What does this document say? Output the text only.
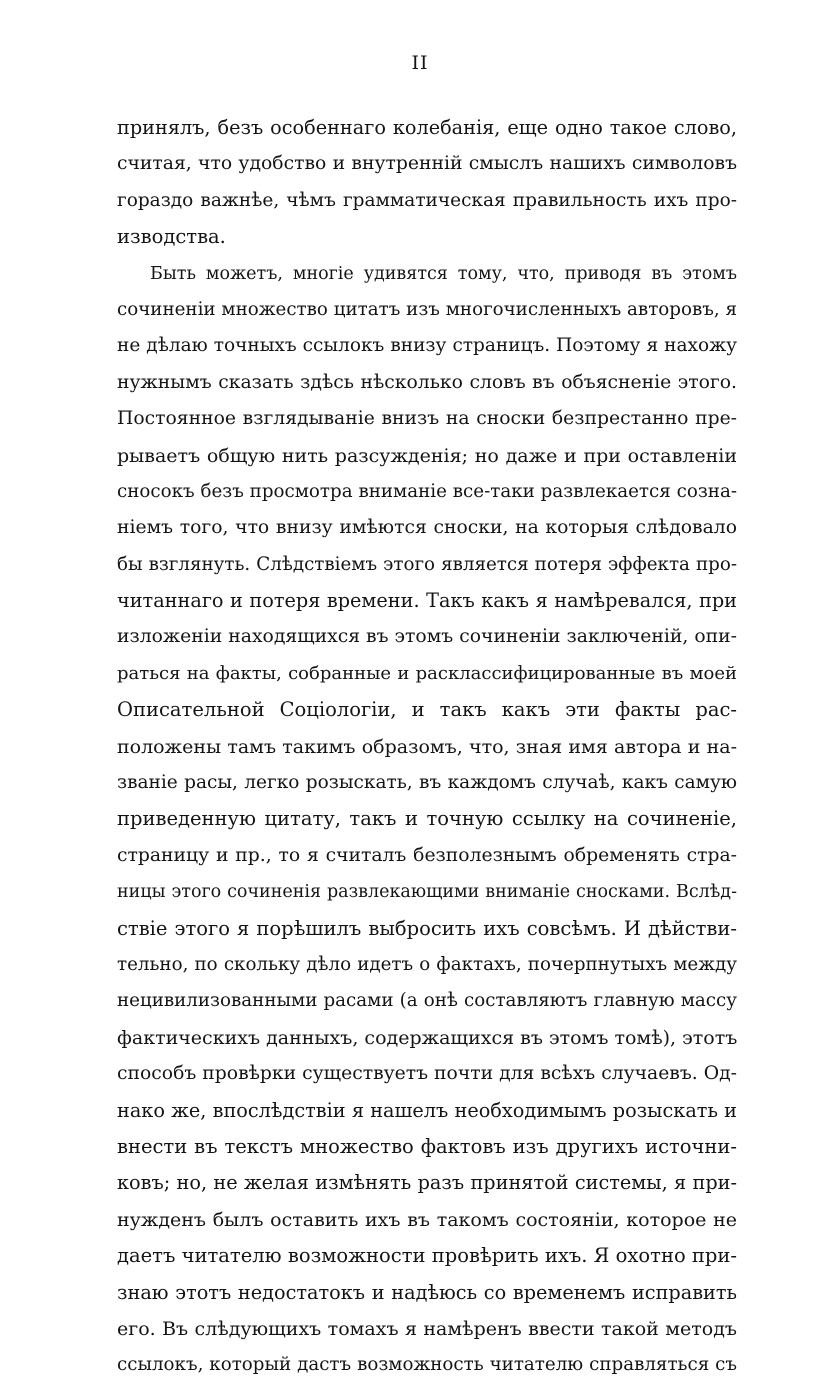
II
принялъ, безъ особеннаго колебанія, еще одно такое слово,
считая, что удобство и внутренній смыслъ нашихъ символовъ
гораздо важнѣе, чѣмъ грамматическая правильность ихъ про-
изводства.
Быть можетъ, многіе удивятся тому, что, приводя въ этомъ
сочиненіи множество цитатъ изъ многочисленныхъ авторовъ, я
не дѣлаю точныхъ ссылокъ внизу страницъ. Поэтому я нахожу
нужнымъ сказать здѣсь нѣсколько словъ въ объясненіе этого.
Постоянное взглядываніе внизъ на сноски безпрестанно пре-
рываетъ общую нить разсужденія; но даже и при оставленіи
сносокъ безъ просмотра вниманіе все-таки развлекается созна-
ніемъ того, что внизу имѣются сноски, на которыя слѣдовало
бы взглянуть. Слѣдствіемъ этого является потеря эффекта про-
читаннаго и потеря времени. Такъ какъ я намѣревался, при
изложеніи находящихся въ этомъ сочиненіи заключеній, опи-
раться на факты, собранные и расклассифицированные въ моей
Описательной Соціологіи, и такъ какъ эти факты рас-
положены тамъ такимъ образомъ, что, зная имя автора и на-
званіе расы, легко розыскать, въ каждомъ случаѣ, какъ самую
приведенную цитату, такъ и точную ссылку на сочиненіе,
страницу и пр., то я считалъ безполезнымъ обременять стра-
ницы этого сочиненія развлекающими вниманіе сносками. Вслѣд-
ствіе этого я порѣшилъ выбросить ихъ совсѣмъ. И дѣйстви-
тельно, по скольку дѣло идетъ о фактахъ, почерпнутыхъ между
нецивилизованными расами (а онѣ составляютъ главную массу
фактическихъ данныхъ, содержащихся въ этомъ томѣ), этотъ
способъ провѣрки существуетъ почти для всѣхъ случаевъ. Од-
нако же, впослѣдствіи я нашелъ необходимымъ розыскать и
внести въ текстъ множество фактовъ изъ другихъ источни-
ковъ; но, не желая измѣнять разъ принятой системы, я при-
нужденъ былъ оставить ихъ въ такомъ состояніи, которое не
даетъ читателю возможности провѣрить ихъ. Я охотно при-
знаю этотъ недостатокъ и надѣюсь со временемъ исправить
его. Въ слѣдующихъ томахъ я намѣренъ ввести такой методъ
ссылокъ, который дастъ возможность читателю справляться съ
